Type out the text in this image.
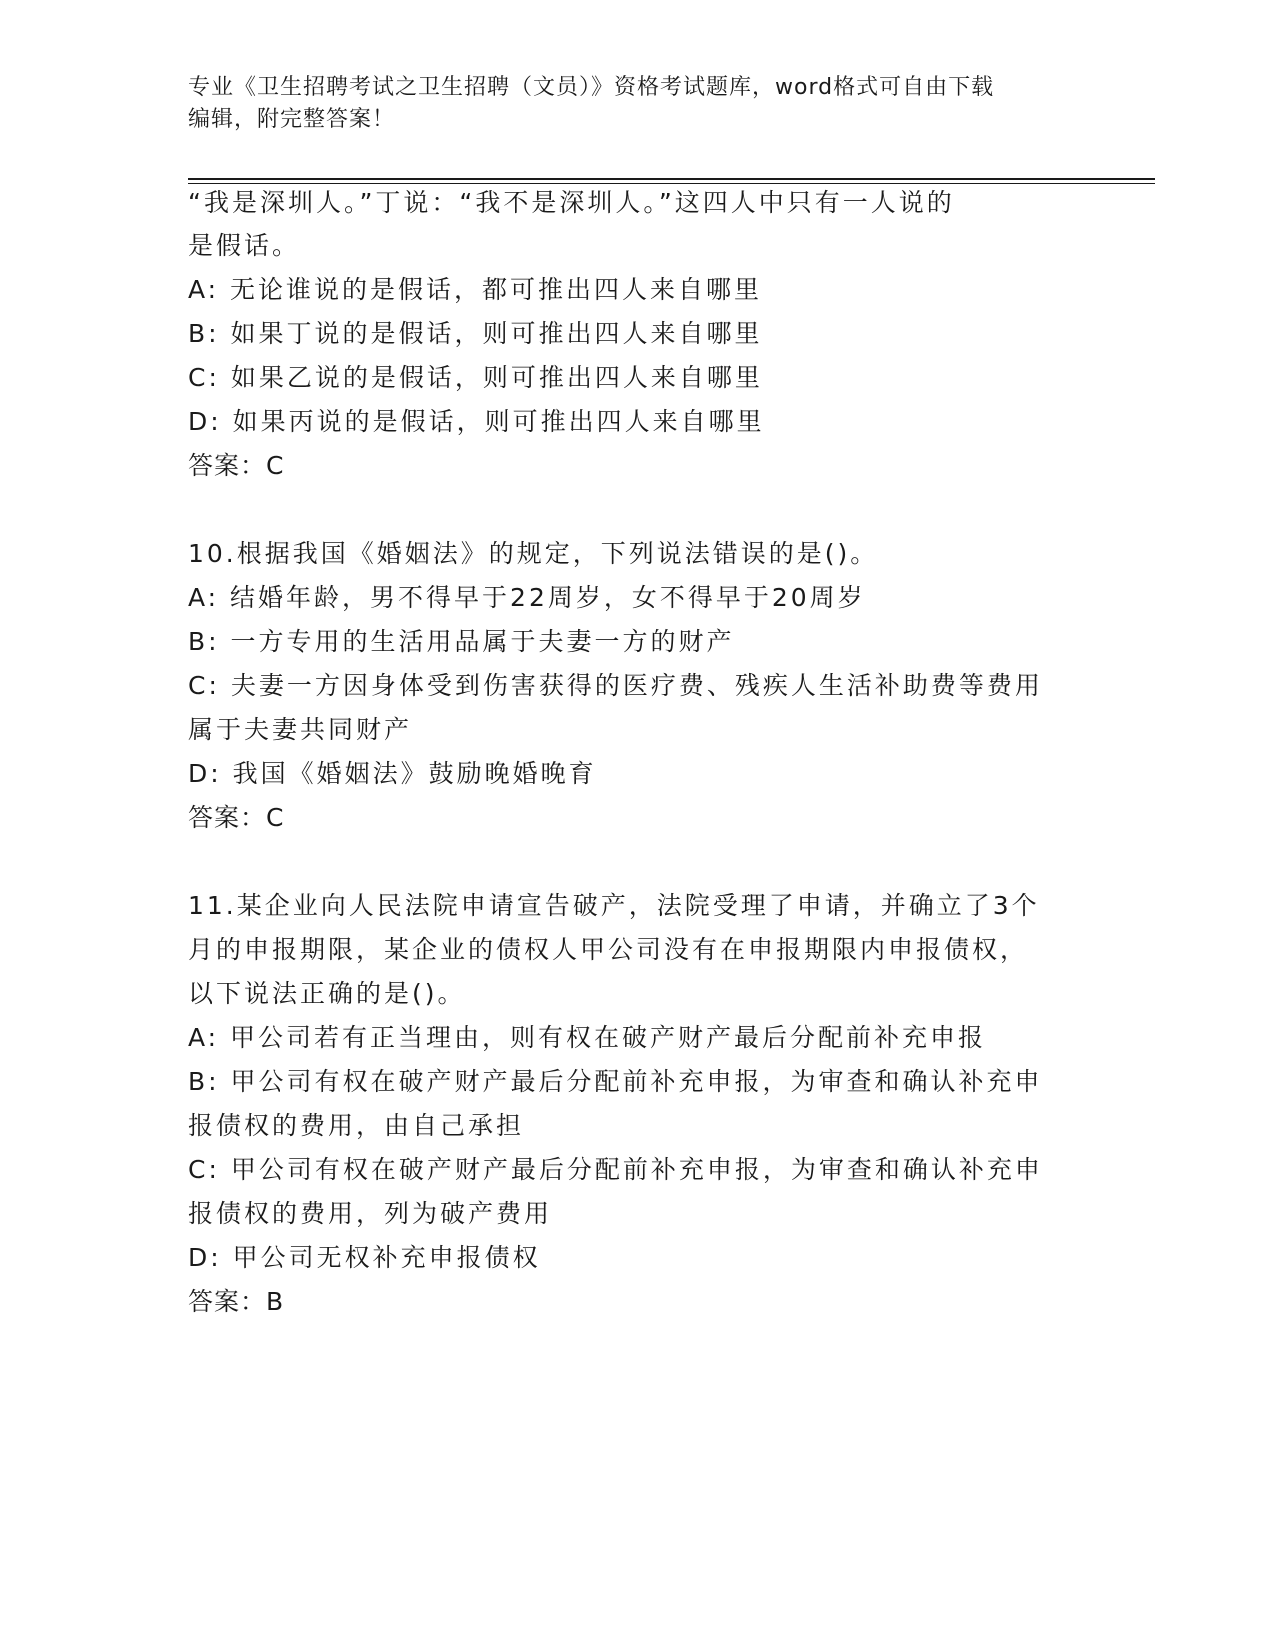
专业《卫生招聘考试之卫生招聘（文员）》资格考试题库，word格式可自由下载
编辑，附完整答案！
“我是深圳人。”丁说：“我不是深圳人。”这四人中只有一人说的
是假话。
A: 无论谁说的是假话，都可推出四人来自哪里
B: 如果丁说的是假话，则可推出四人来自哪里
C: 如果乙说的是假话，则可推出四人来自哪里
D: 如果丙说的是假话，则可推出四人来自哪里
答案：C
10.根据我国《婚姻法》的规定，下列说法错误的是()。
A: 结婚年龄，男不得早于22周岁，女不得早于20周岁
B: 一方专用的生活用品属于夫妻一方的财产
C: 夫妻一方因身体受到伤害获得的医疗费、残疾人生活补助费等费用
属于夫妻共同财产
D: 我国《婚姻法》鼓励晚婚晚育
答案：C
11.某企业向人民法院申请宣告破产，法院受理了申请，并确立了3个
月的申报期限，某企业的债权人甲公司没有在申报期限内申报债权，
以下说法正确的是()。
A: 甲公司若有正当理由，则有权在破产财产最后分配前补充申报
B: 甲公司有权在破产财产最后分配前补充申报，为审查和确认补充申
报债权的费用，由自己承担
C: 甲公司有权在破产财产最后分配前补充申报，为审查和确认补充申
报债权的费用，列为破产费用
D: 甲公司无权补充申报债权
答案：B
